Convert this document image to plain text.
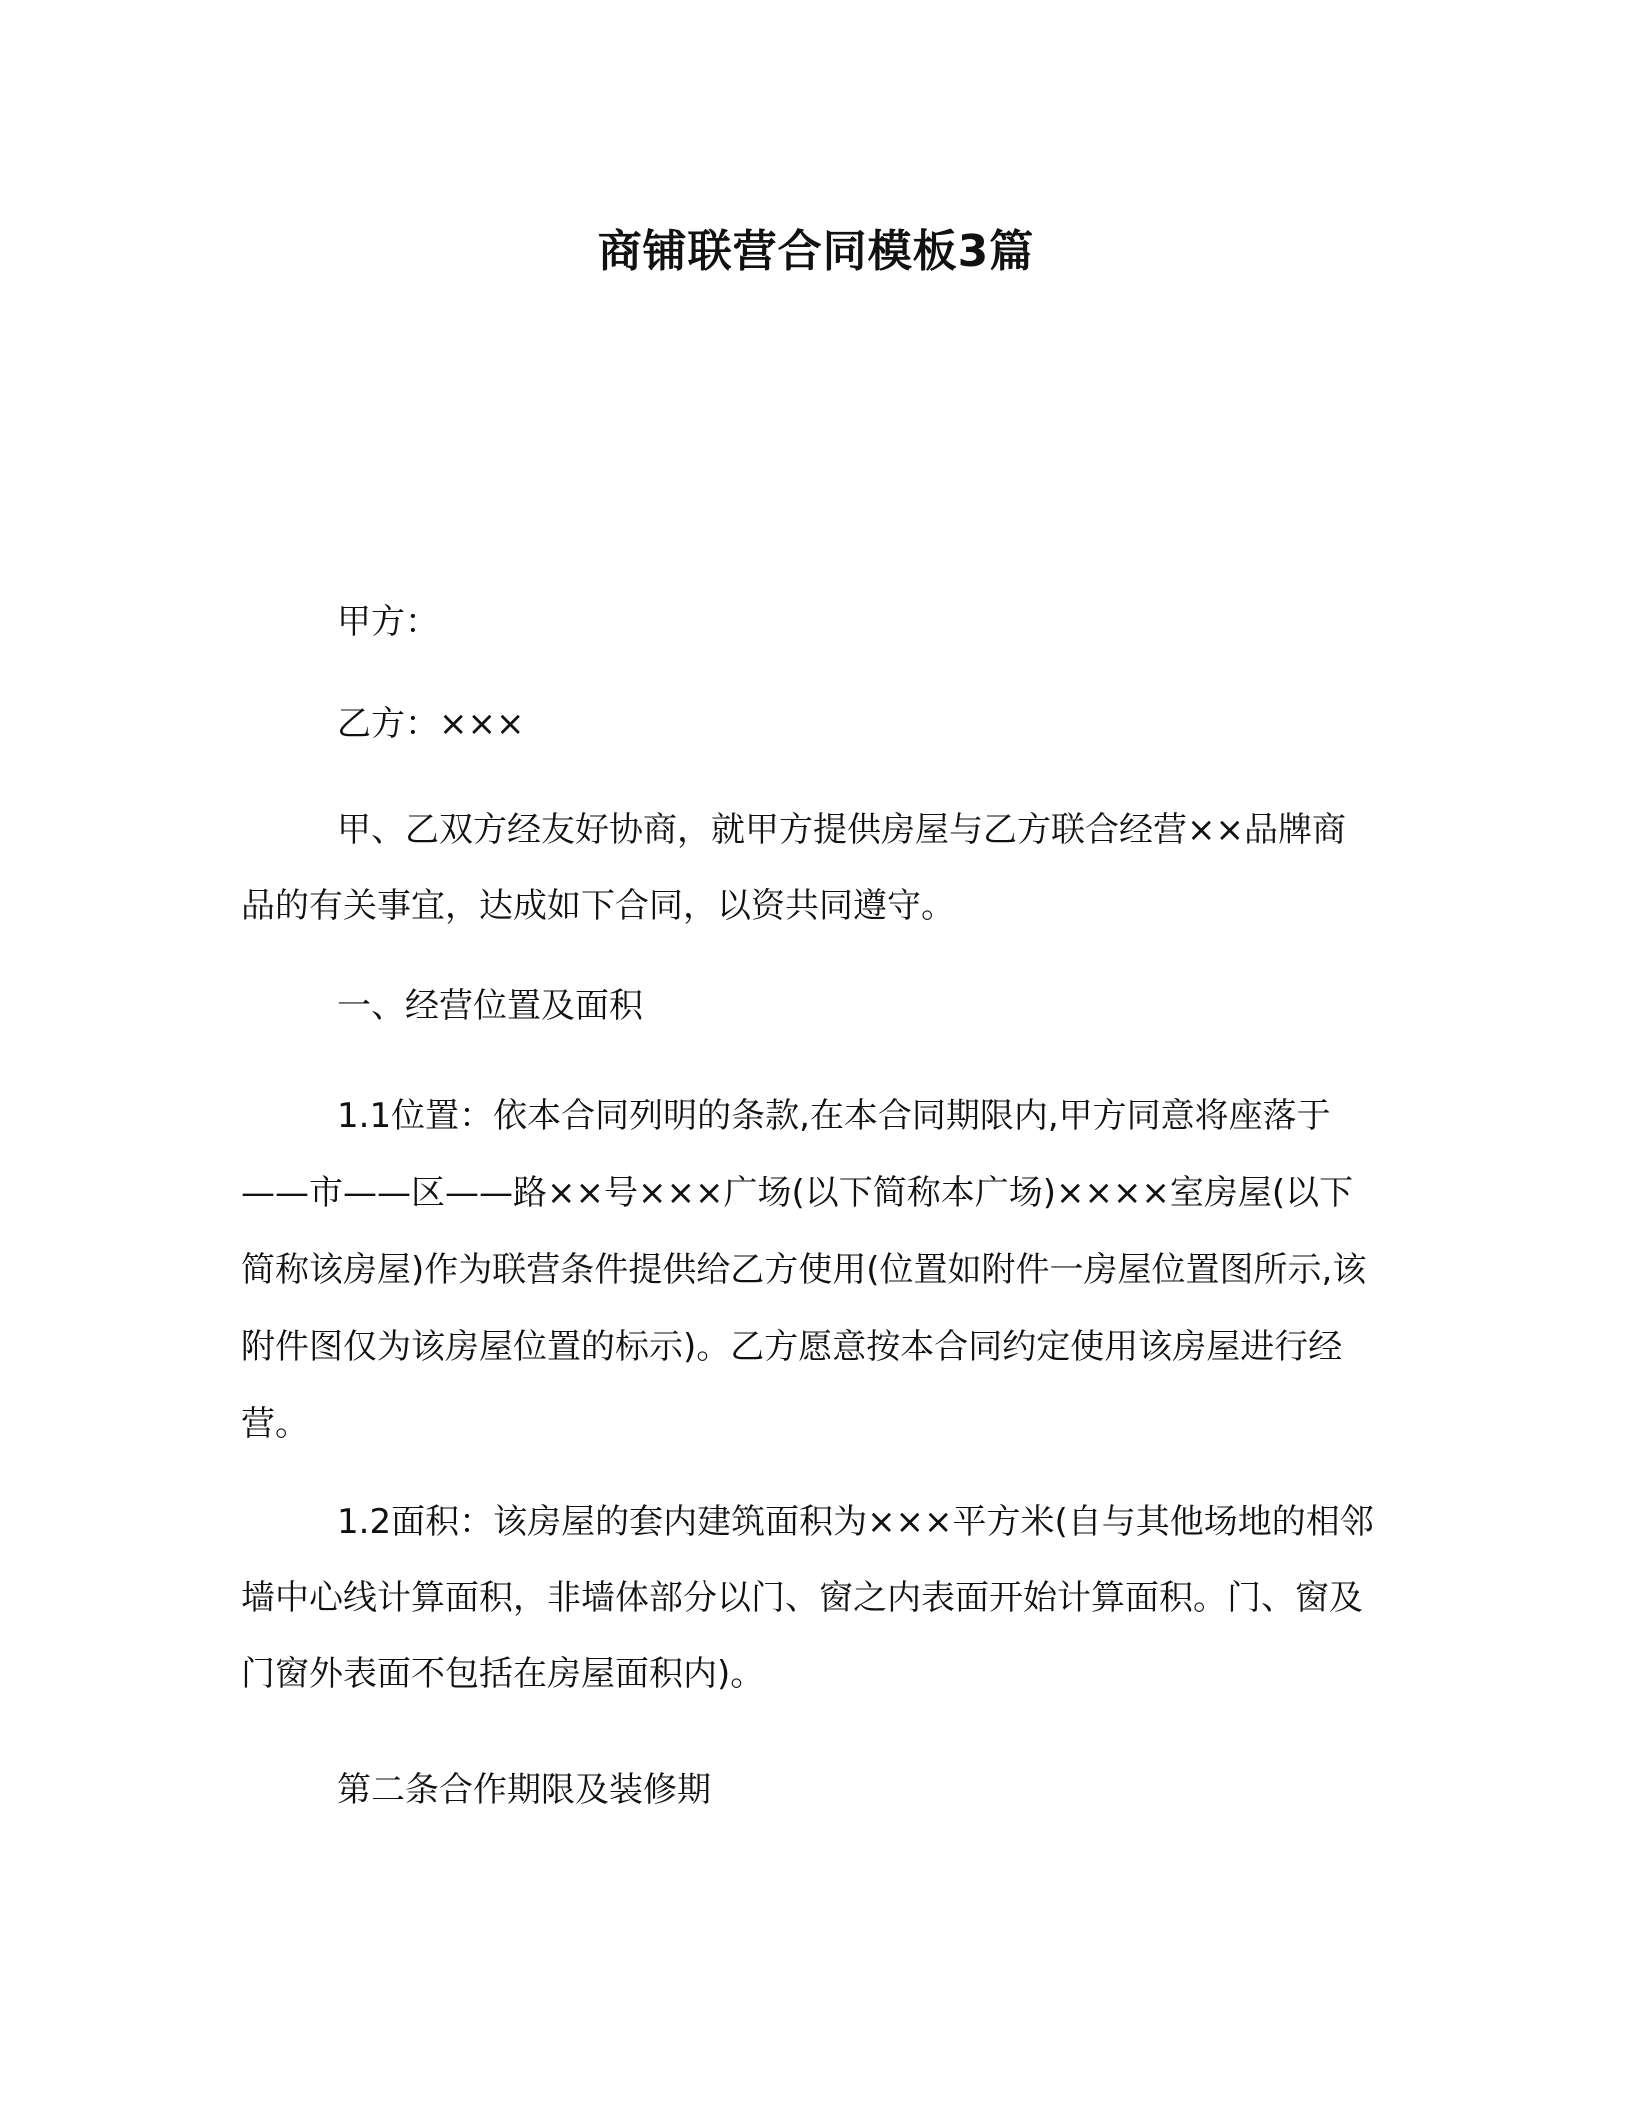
商铺联营合同模板3篇

甲方：

乙方：×××

甲、乙双方经友好协商，就甲方提供房屋与乙方联合经营××品牌商品的有关事宜，达成如下合同，以资共同遵守。

一、经营位置及面积

1.1位置：依本合同列明的条款,在本合同期限内,甲方同意将座落于——市——区——路××号×××广场(以下简称本广场)××××室房屋(以下简称该房屋)作为联营条件提供给乙方使用(位置如附件一房屋位置图所示,该附件图仅为该房屋位置的标示)。乙方愿意按本合同约定使用该房屋进行经营。

1.2面积：该房屋的套内建筑面积为×××平方米(自与其他场地的相邻墙中心线计算面积，非墙体部分以门、窗之内表面开始计算面积。门、窗及门窗外表面不包括在房屋面积内)。

第二条合作期限及装修期
